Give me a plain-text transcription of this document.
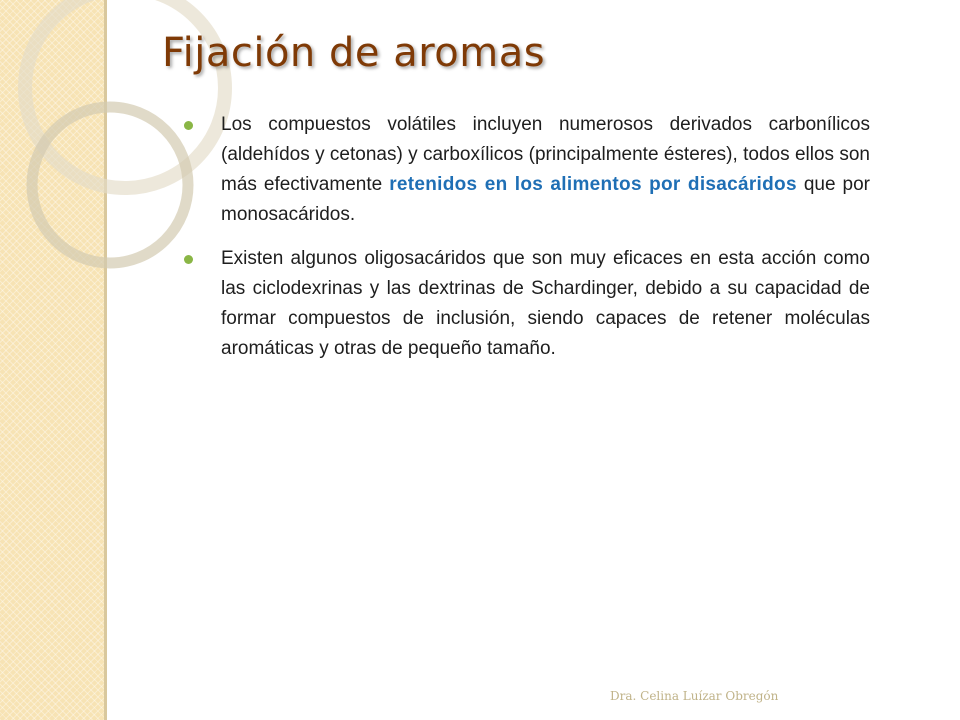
Fijación de aromas
Los compuestos volátiles incluyen numerosos derivados carbonílicos (aldehídos y cetonas) y carboxílicos (principalmente ésteres), todos ellos son más efectivamente retenidos en los alimentos por disacáridos que por monosacáridos.
Existen algunos oligosacáridos que son muy eficaces en esta acción como las ciclodexrinas y las dextrinas de Schardinger, debido a su capacidad de formar compuestos de inclusión, siendo capaces de retener moléculas aromáticas y otras de pequeño tamaño.
Dra. Celina Luízar Obregón
